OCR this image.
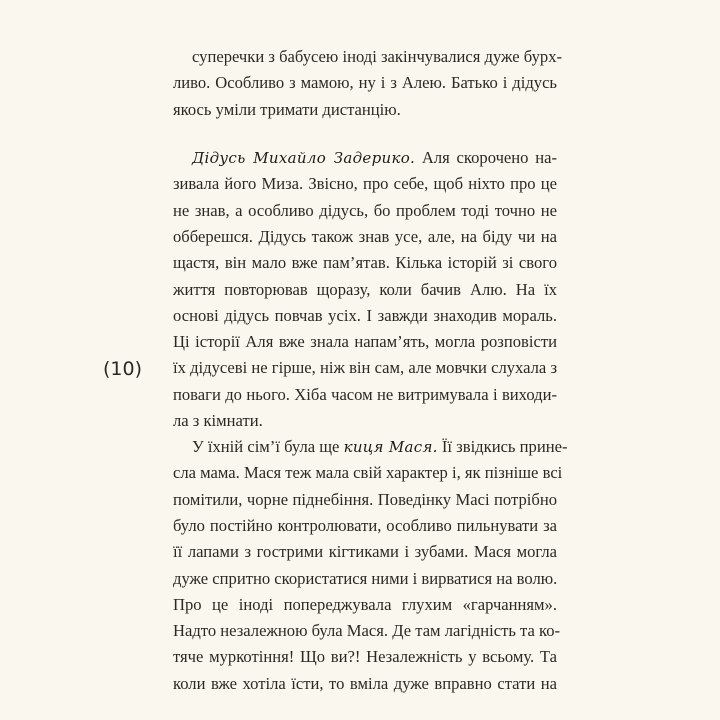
(10)
суперечки з бабусею іноді закінчувалися дуже бурх-
ливо. Особливо з мамою, ну і з Алею. Батько і дідусь
якось уміли тримати дистанцію.
Дідусь Михайло Задерико. Аля скорочено на-
зивала його Миза. Звісно, про себе, щоб ніхто про це
не знав, а особливо дідусь, бо проблем тоді точно не
обберешся. Дідусь також знав усе, але, на біду чи на
щастя, він мало вже пам’ятав. Кілька історій зі свого
життя повторював щоразу, коли бачив Алю. На їх
основі дідусь повчав усіх. І завжди знаходив мораль.
Ці історії Аля вже знала напам’ять, могла розповісти
їх дідусеві не гірше, ніж він сам, але мовчки слухала з
поваги до нього. Хіба часом не витримувала і виходи-
ла з кімнати.
У їхній сім’ї була ще киця Мася. Її звідкись прине-
сла мама. Мася теж мала свій характер і, як пізніше всі
помітили, чорне піднебіння. Поведінку Масі потрібно
було постійно контролювати, особливо пильнувати за
її лапами з гострими кігтиками і зубами. Мася могла
дуже спритно скористатися ними і вирватися на волю.
Про це іноді попереджувала глухим «гарчанням».
Надто незалежною була Мася. Де там лагідність та ко-
тяче муркотіння! Що ви?! Незалежність у всьому. Та
коли вже хотіла їсти, то вміла дуже вправно стати на
